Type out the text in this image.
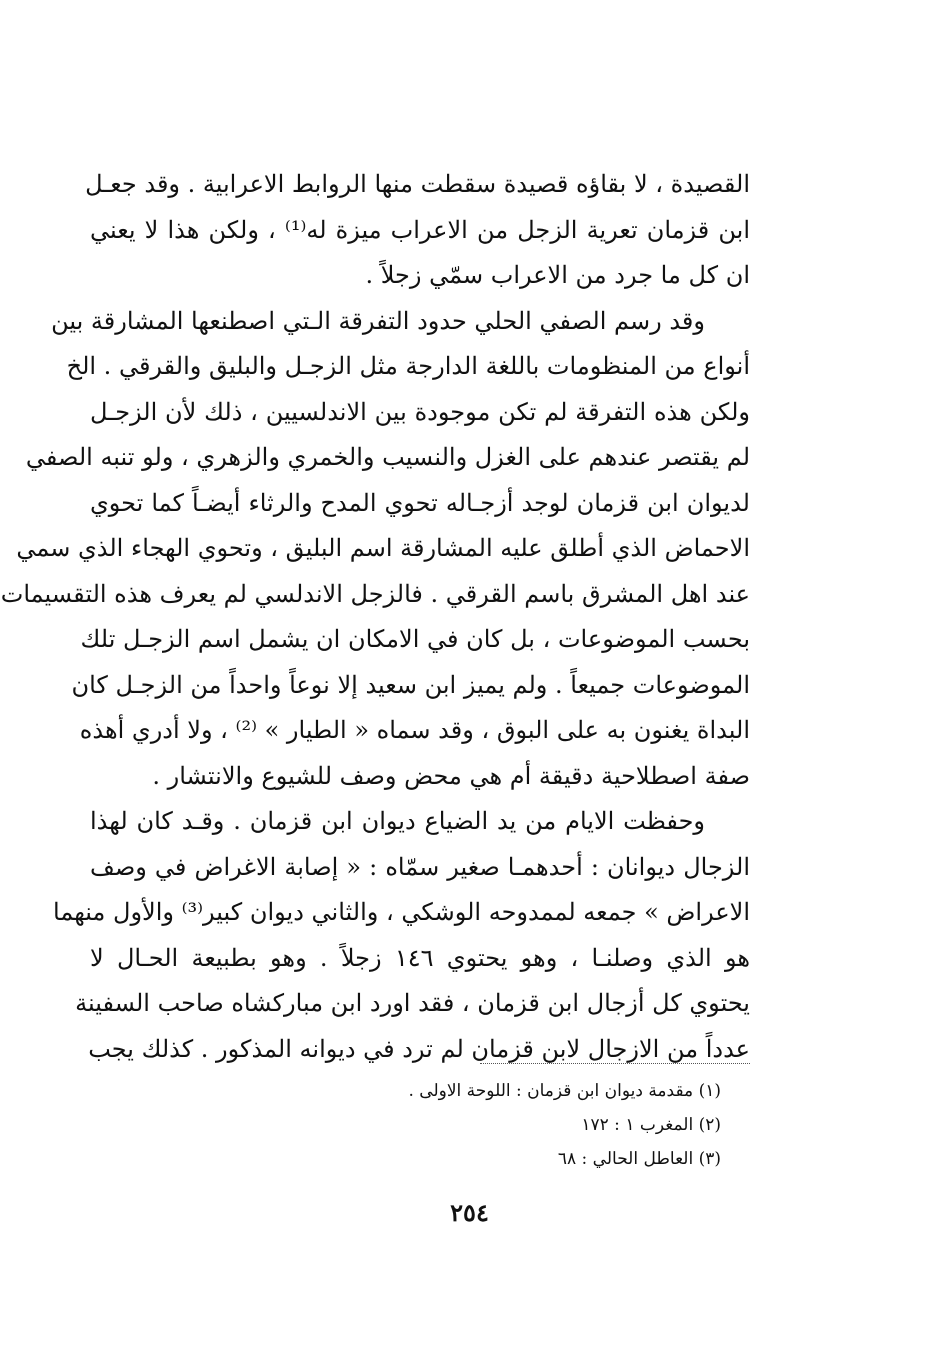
القصيدة ، لا بقاؤه قصيدة سقطت منها الروابط الاعرابية . وقد جعـل
ابن قزمان تعرية الزجل من الاعراب ميزة له⁽¹⁾ ، ولكن هذا لا يعني
ان كل ما جرد من الاعراب سمّي زجلاً .
وقد رسم الصفي الحلي حدود التفرقة الـتي اصطنعها المشارقة بين
أنواع من المنظومات باللغة الدارجة مثل الزجـل والبليق والقرقي . الخ
ولكن هذه التفرقة لم تكن موجودة بين الاندلسيين ، ذلك لأن الزجـل
لم يقتصر عندهم على الغزل والنسيب والخمري والزهري ، ولو تنبه الصفي
لديوان ابن قزمان لوجد أزجـاله تحوي المدح والرثاء أيضـاً كما تحوي
الاحماض الذي أطلق عليه المشارقة اسم البليق ، وتحوي الهجاء الذي سمي
عند اهل المشرق باسم القرقي . فالزجل الاندلسي لم يعرف هذه التقسيمات
بحسب الموضوعات ، بل كان في الامكان ان يشمل اسم الزجـل تلك
الموضوعات جميعاً . ولم يميز ابن سعيد إلا نوعاً واحداً من الزجـل كان
البداة يغنون به على البوق ، وقد سماه « الطيار » ⁽²⁾ ، ولا أدري أهذه
صفة اصطلاحية دقيقة أم هي محض وصف للشيوع والانتشار .
وحفظت الايام من يد الضياع ديوان ابن قزمان . وقـد كان لهذا
الزجال ديوانان : أحدهمـا صغير سمّاه : « إصابة الاغراض في وصف
الاعراض » جمعه لممدوحه الوشكي ، والثاني ديوان كبير⁽³⁾ والأول منهما
هو الذي وصلنـا ، وهو يحتوي ١٤٦ زجلاً . وهو بطبيعة الحـال لا
يحتوي كل أزجال ابن قزمان ، فقد اورد ابن مباركشاه صاحب السفينة
عدداً من الازجال لابن قزمان لم ترد في ديوانه المذكور . كذلك يجب
(١) مقدمة ديوان ابن قزمان : اللوحة الاولى .
(٢) المغرب ١ : ١٧٢
(٣) العاطل الحالي : ٦٨
٢٥٤
